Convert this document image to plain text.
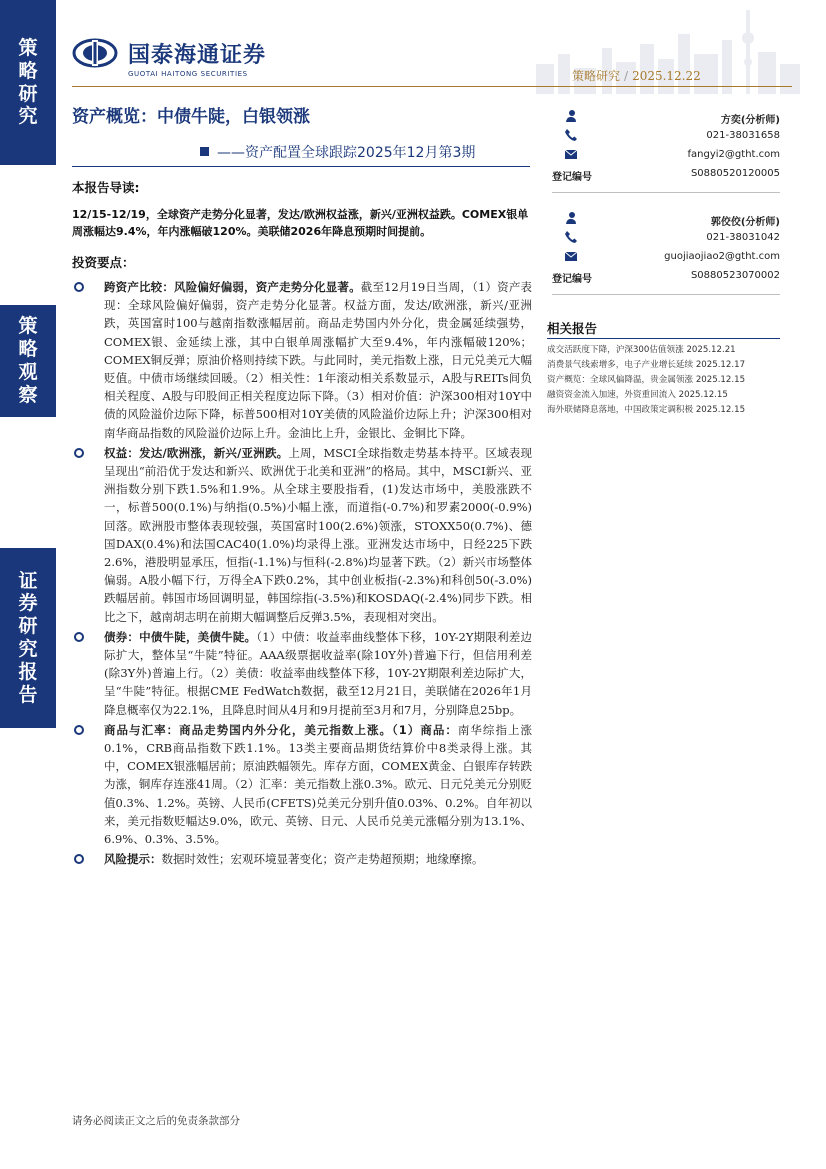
策
略
研
究
策
略
观
察
证
券
研
究
报
告
国泰海通证券
GUOTAI HAITONG SECURITIES	策略研究 / 2025.12.22
资产概览：中债牛陡，白银领涨
——资产配置全球跟踪2025年12月第3期
本报告导读:
12/15-12/19，全球资产走势分化显著，发达/欧洲权益涨，新兴/亚洲权益跌。COMEX银单周涨幅达9.4%，年内涨幅破120%。美联储2026年降息预期时间提前。
投资要点：
跨资产比较：风险偏好偏弱，资产走势分化显著。截至12月19日当周，（1）资产表现：全球风险偏好偏弱，资产走势分化显著。权益方面，发达/欧洲涨，新兴/亚洲跌，英国富时100与越南指数涨幅居前。商品走势国内外分化，贵金属延续强势，COMEX银、金延续上涨，其中白银单周涨幅扩大至9.4%，年内涨幅破120%；COMEX铜反弹；原油价格则持续下跌。与此同时，美元指数上涨，日元兑美元大幅贬值。中债市场继续回暖。（2）相关性：1年滚动相关系数显示，A股与REITs间负相关程度、A股与印股间正相关程度边际下降。（3）相对价值：沪深300相对10Y中债的风险溢价边际下降，标普500相对10Y美债的风险溢价边际上升；沪深300相对南华商品指数的风险溢价边际上升。金油比上升，金银比、金铜比下降。
权益：发达/欧洲涨，新兴/亚洲跌。上周，MSCI全球指数走势基本持平。区域表现呈现出“前沿优于发达和新兴、欧洲优于北美和亚洲”的格局。其中，MSCI新兴、亚洲指数分别下跌1.5%和1.9%。从全球主要股指看，(1)发达市场中，美股涨跌不一，标普500(0.1%)与纳指(0.5%)小幅上涨，而道指(-0.7%)和罗素2000(-0.9%)回落。欧洲股市整体表现较强，英国富时100(2.6%)领涨，STOXX50(0.7%)、德国DAX(0.4%)和法国CAC40(1.0%)均录得上涨。亚洲发达市场中，日经225下跌2.6%，港股明显承压，恒指(-1.1%)与恒科(-2.8%)均显著下跌。（2）新兴市场整体偏弱。A股小幅下行，万得全A下跌0.2%，其中创业板指(-2.3%)和科创50(-3.0%)跌幅居前。韩国市场回调明显，韩国综指(-3.5%)和KOSDAQ(-2.4%)同步下跌。相比之下，越南胡志明在前期大幅调整后反弹3.5%，表现相对突出。
债券：中债牛陡，美债牛陡。（1）中债：收益率曲线整体下移，10Y-2Y期限利差边际扩大，整体呈“牛陡”特征。AAA级票据收益率(除10Y外)普遍下行，但信用利差(除3Y外)普遍上行。（2）美债：收益率曲线整体下移，10Y-2Y期限利差边际扩大，呈“牛陡”特征。根据CME FedWatch数据，截至12月21日，美联储在2026年1月降息概率仅为22.1%，且降息时间从4月和9月提前至3月和7月，分别降息25bp。
商品与汇率：商品走势国内外分化，美元指数上涨。（1）商品：南华综指上涨0.1%，CRB商品指数下跌1.1%。13类主要商品期货结算价中8类录得上涨。其中，COMEX银涨幅居前；原油跌幅领先。库存方面，COMEX黄金、白银库存转跌为涨，铜库存连涨41周。（2）汇率：美元指数上涨0.3%。欧元、日元兑美元分别贬值0.3%、1.2%。英镑、人民币(CFETS)兑美元分别升值0.03%、0.2%。自年初以来，美元指数贬幅达9.0%，欧元、英镑、日元、人民币兑美元涨幅分别为13.1%、6.9%、0.3%、3.5%。
风险提示：数据时效性；宏观环境显著变化；资产走势超预期；地缘摩擦。
方奕(分析师)
021-38031658
fangyi2@gtht.com
登记编号	S0880520120005
郭佼佼(分析师)
021-38031042
guojiaojiao2@gtht.com
登记编号	S0880523070002
相关报告
成交活跃度下降，沪深300估值领涨 2025.12.21
消费景气线索增多，电子产业增长延续 2025.12.17
资产概览：全球风偏降温，贵金属领涨 2025.12.15
融资资金流入加速，外资重回流入 2025.12.15
海外联储降息落地，中国政策定调积极 2025.12.15
请务必阅读正文之后的免责条款部分
